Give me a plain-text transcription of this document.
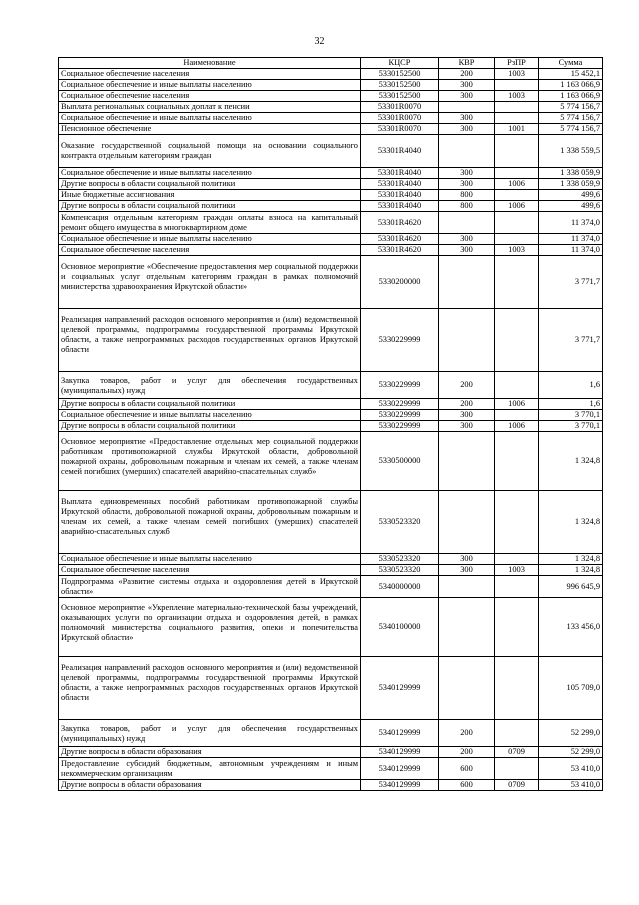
32
Наименование	КЦСР	КВР	РзПР	Сумма
Социальное обеспечение населения	5330152500	200	1003	15 452,1
Социальное обеспечение и иные выплаты населению	5330152500	300		1 163 066,9
Социальное обеспечение населения	5330152500	300	1003	1 163 066,9
Выплата региональных социальных доплат к пенсии	53301R0070			5 774 156,7
Социальное обеспечение и иные выплаты населению	53301R0070	300		5 774 156,7
Пенсионное обеспечение	53301R0070	300	1001	5 774 156,7
Оказание государственной социальной помощи на основании социального контракта отдельным категориям граждан	53301R4040			1 338 559,5
Социальное обеспечение и иные выплаты населению	53301R4040	300		1 338 059,9
Другие вопросы в области социальной политики	53301R4040	300	1006	1 338 059,9
Иные бюджетные ассигнования	53301R4040	800		499,6
Другие вопросы в области социальной политики	53301R4040	800	1006	499,6
Компенсация отдельным категориям граждан оплаты взноса на капитальный ремонт общего имущества в многоквартирном доме	53301R4620			11 374,0
Социальное обеспечение и иные выплаты населению	53301R4620	300		11 374,0
Социальное обеспечение населения	53301R4620	300	1003	11 374,0
Основное мероприятие «Обеспечение предоставления мер социальной поддержки и социальных услуг отдельным категориям граждан в рамках полномочий министерства здравоохранения Иркутской области»	5330200000			3 771,7
Реализация направлений расходов основного мероприятия и (или) ведомственной целевой программы, подпрограммы государственной программы Иркутской области, а также непрограммных расходов государственных органов Иркутской области	5330229999			3 771,7
Закупка товаров, работ и услуг для обеспечения государственных (муниципальных) нужд	5330229999	200		1,6
Другие вопросы в области социальной политики	5330229999	200	1006	1,6
Социальное обеспечение и иные выплаты населению	5330229999	300		3 770,1
Другие вопросы в области социальной политики	5330229999	300	1006	3 770,1
Основное мероприятие «Предоставление отдельных мер социальной поддержки работникам противопожарной службы Иркутской области, добровольной пожарной охраны, добровольным пожарным и членам их семей, а также членам семей погибших (умерших) спасателей аварийно-спасательных служб»	5330500000			1 324,8
Выплата единовременных пособий работникам противопожарной службы Иркутской области, добровольной пожарной охраны, добровольным пожарным и членам их семей, а также членам семей погибших (умерших) спасателей аварийно-спасательных служб	5330523320			1 324,8
Социальное обеспечение и иные выплаты населению	5330523320	300		1 324,8
Социальное обеспечение населения	5330523320	300	1003	1 324,8
Подпрограмма «Развитие системы отдыха и оздоровления детей в Иркутской области»	5340000000			996 645,9
Основное мероприятие «Укрепление материально-технической базы учреждений, оказывающих услуги по организации отдыха и оздоровления детей, в рамках полномочий министерства социального развития, опеки и попечительства Иркутской области»	5340100000			133 456,0
Реализация направлений расходов основного мероприятия и (или) ведомственной целевой программы, подпрограммы государственной программы Иркутской области, а также непрограммных расходов государственных органов Иркутской области	5340129999			105 709,0
Закупка товаров, работ и услуг для обеспечения государственных (муниципальных) нужд	5340129999	200		52 299,0
Другие вопросы в области образования	5340129999	200	0709	52 299,0
Предоставление субсидий бюджетным, автономным учреждениям и иным некоммерческим организациям	5340129999	600		53 410,0
Другие вопросы в области образования	5340129999	600	0709	53 410,0
